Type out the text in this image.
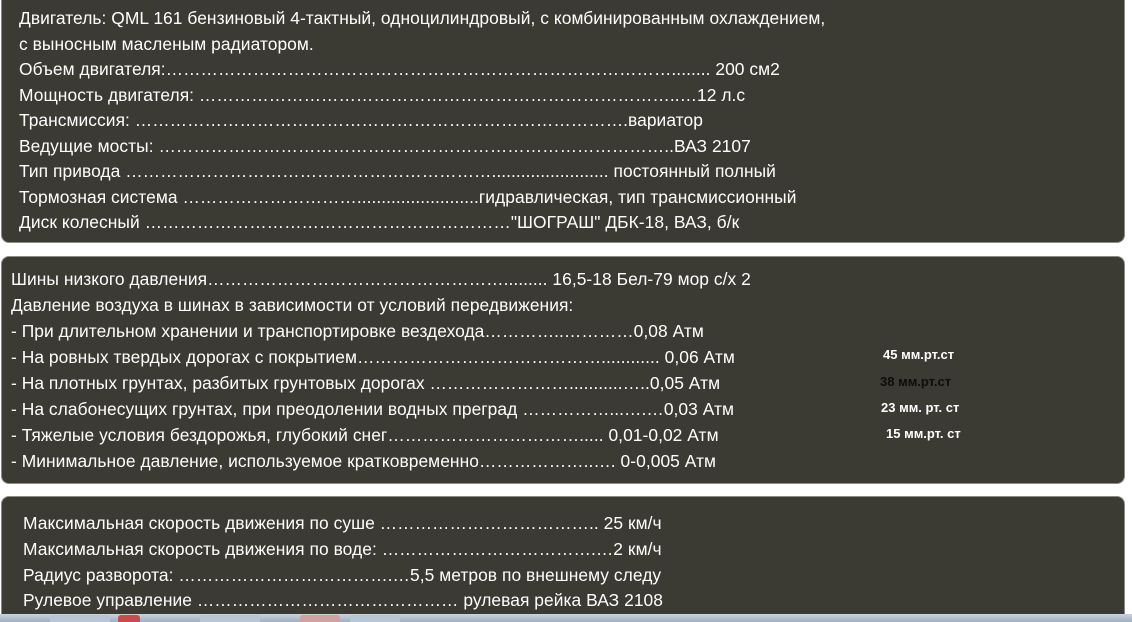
Двигатель: QML 161 бензиновый 4-тактный, одноцилиндровый, с комбинированным охлаждением,
с выносным масленым радиатором.
Объем двигателя:……………………………………………………………………………........ 200 см2
Мощность двигателя: ………………………………………………………………………..…12 л.с
Трансмиссия: ………………………………………………………………………….вариатор
Ведущие мосты: ……………………………………………………………………………..ВАЗ 2107
Тип привода ………………………………………………………........................ постоянный полный
Тормозная система ………………………….........................гидравлическая, тип трансмиссионный
Диск колесный ………………………………………………………"ШОГРАШ" ДБК-18, ВАЗ, б/к
Шины низкого давления……………………………………………......... 16,5-18 Бел-79 мор с/х 2
Давление воздуха в шинах в зависимости от условий передвижения:
- При длительном хранении и транспортировке вездехода…………..…………0,08 Атм
- На ровных твердых дорогах с покрытием……………………………………............ 0,06 Атм
- На плотных грунтах, разбитых грунтовых дорогах ……………………...........…..0,05 Атм
- На слабонесущих грунтах, при преодолении водных преград ……………...….…0,03 Атм
- Тяжелые условия бездорожья, глубокий снег……………………………..... 0,01-0,02 Атм
- Минимальное давление, используемое кратковременно………………..…. 0-0,005 Атм
45 мм.рт.ст
38 мм.рт.ст
23 мм. рт. ст
15 мм.рт. ст
Максимальная скорость движения по суше ……………………………….. 25 км/ч
Максимальная скорость движения по воде: ……………………………….…2 км/ч
Радиус разворота: ……………………………….…5,5 метров по внешнему следу
Рулевое управление ……………………………………… рулевая рейка ВАЗ 2108
